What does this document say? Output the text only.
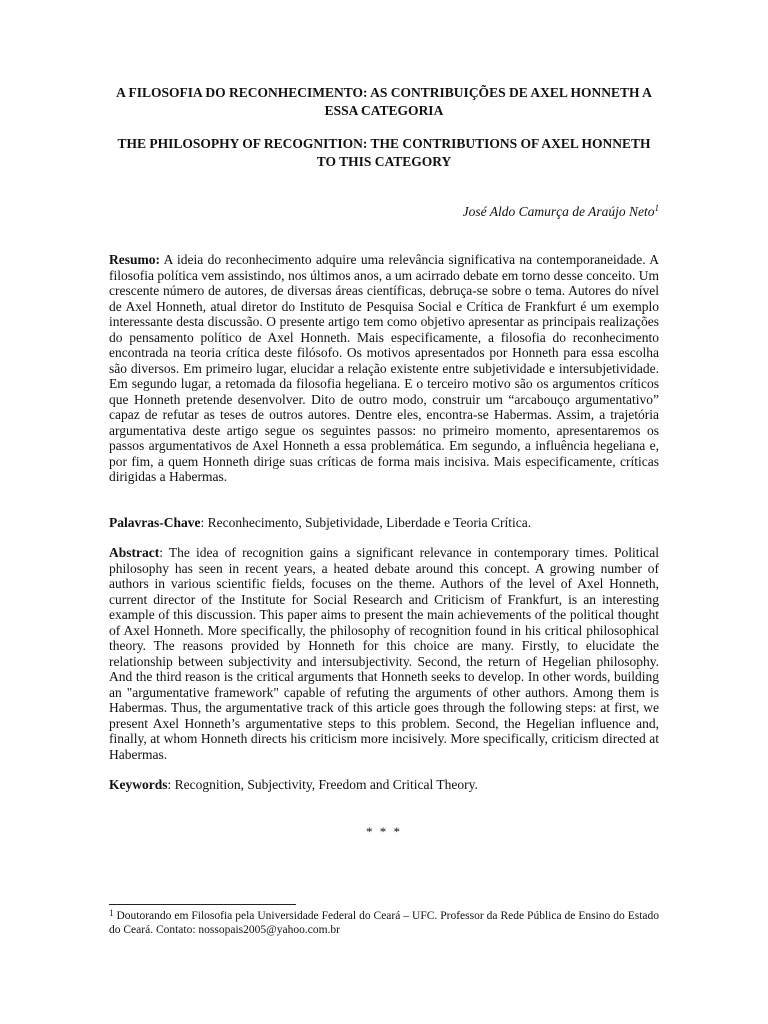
A FILOSOFIA DO RECONHECIMENTO: AS CONTRIBUIÇÕES DE AXEL HONNETH A ESSA CATEGORIA
THE PHILOSOPHY OF RECOGNITION: THE CONTRIBUTIONS OF AXEL HONNETH TO THIS CATEGORY
José Aldo Camurça de Araújo Neto$^1$

Resumo: A ideia do reconhecimento adquire uma relevância significativa na contemporaneidade. A filosofia política vem assistindo, nos últimos anos, a um acirrado debate em torno desse conceito. Um crescente número de autores, de diversas áreas científicas, debruça-se sobre o tema. Autores do nível de Axel Honneth, atual diretor do Instituto de Pesquisa Social e Crítica de Frankfurt é um exemplo interessante desta discussão. O presente artigo tem como objetivo apresentar as principais realizações do pensamento político de Axel Honneth. Mais especificamente, a filosofia do reconhecimento encontrada na teoria crítica deste filósofo. Os motivos apresentados por Honneth para essa escolha são diversos. Em primeiro lugar, elucidar a relação existente entre subjetividade e intersubjetividade. Em segundo lugar, a retomada da filosofia hegeliana. E o terceiro motivo são os argumentos críticos que Honneth pretende desenvolver. Dito de outro modo, construir um “arcabouço argumentativo” capaz de refutar as teses de outros autores. Dentre eles, encontra-se Habermas. Assim, a trajetória argumentativa deste artigo segue os seguintes passos: no primeiro momento, apresentaremos os passos argumentativos de Axel Honneth a essa problemática. Em segundo, a influência hegeliana e, por fim, a quem Honneth dirige suas críticas de forma mais incisiva. Mais especificamente, críticas dirigidas a Habermas.

Palavras-Chave: Reconhecimento, Subjetividade, Liberdade e Teoria Crítica.

Abstract: The idea of recognition gains a significant relevance in contemporary times. Political philosophy has seen in recent years, a heated debate around this concept. A growing number of authors in various scientific fields, focuses on the theme. Authors of the level of Axel Honneth, current director of the Institute for Social Research and Criticism of Frankfurt, is an interesting example of this discussion. This paper aims to present the main achievements of the political thought of Axel Honneth. More specifically, the philosophy of recognition found in his critical philosophical theory. The reasons provided by Honneth for this choice are many. Firstly, to elucidate the relationship between subjectivity and intersubjectivity. Second, the return of Hegelian philosophy. And the third reason is the critical arguments that Honneth seeks to develop. In other words, building an "argumentative framework" capable of refuting the arguments of other authors. Among them is Habermas. Thus, the argumentative track of this article goes through the following steps: at first, we present Axel Honneth’s argumentative steps to this problem. Second, the Hegelian influence and, finally, at whom Honneth directs his criticism more incisively. More specifically, criticism directed at Habermas.

Keywords: Recognition, Subjectivity, Freedom and Critical Theory.

* * *
$^1$ Doutorando em Filosofia pela Universidade Federal do Ceará – UFC. Professor da Rede Pública de Ensino do Estado do Ceará. Contato: nossopais2005@yahoo.com.br
